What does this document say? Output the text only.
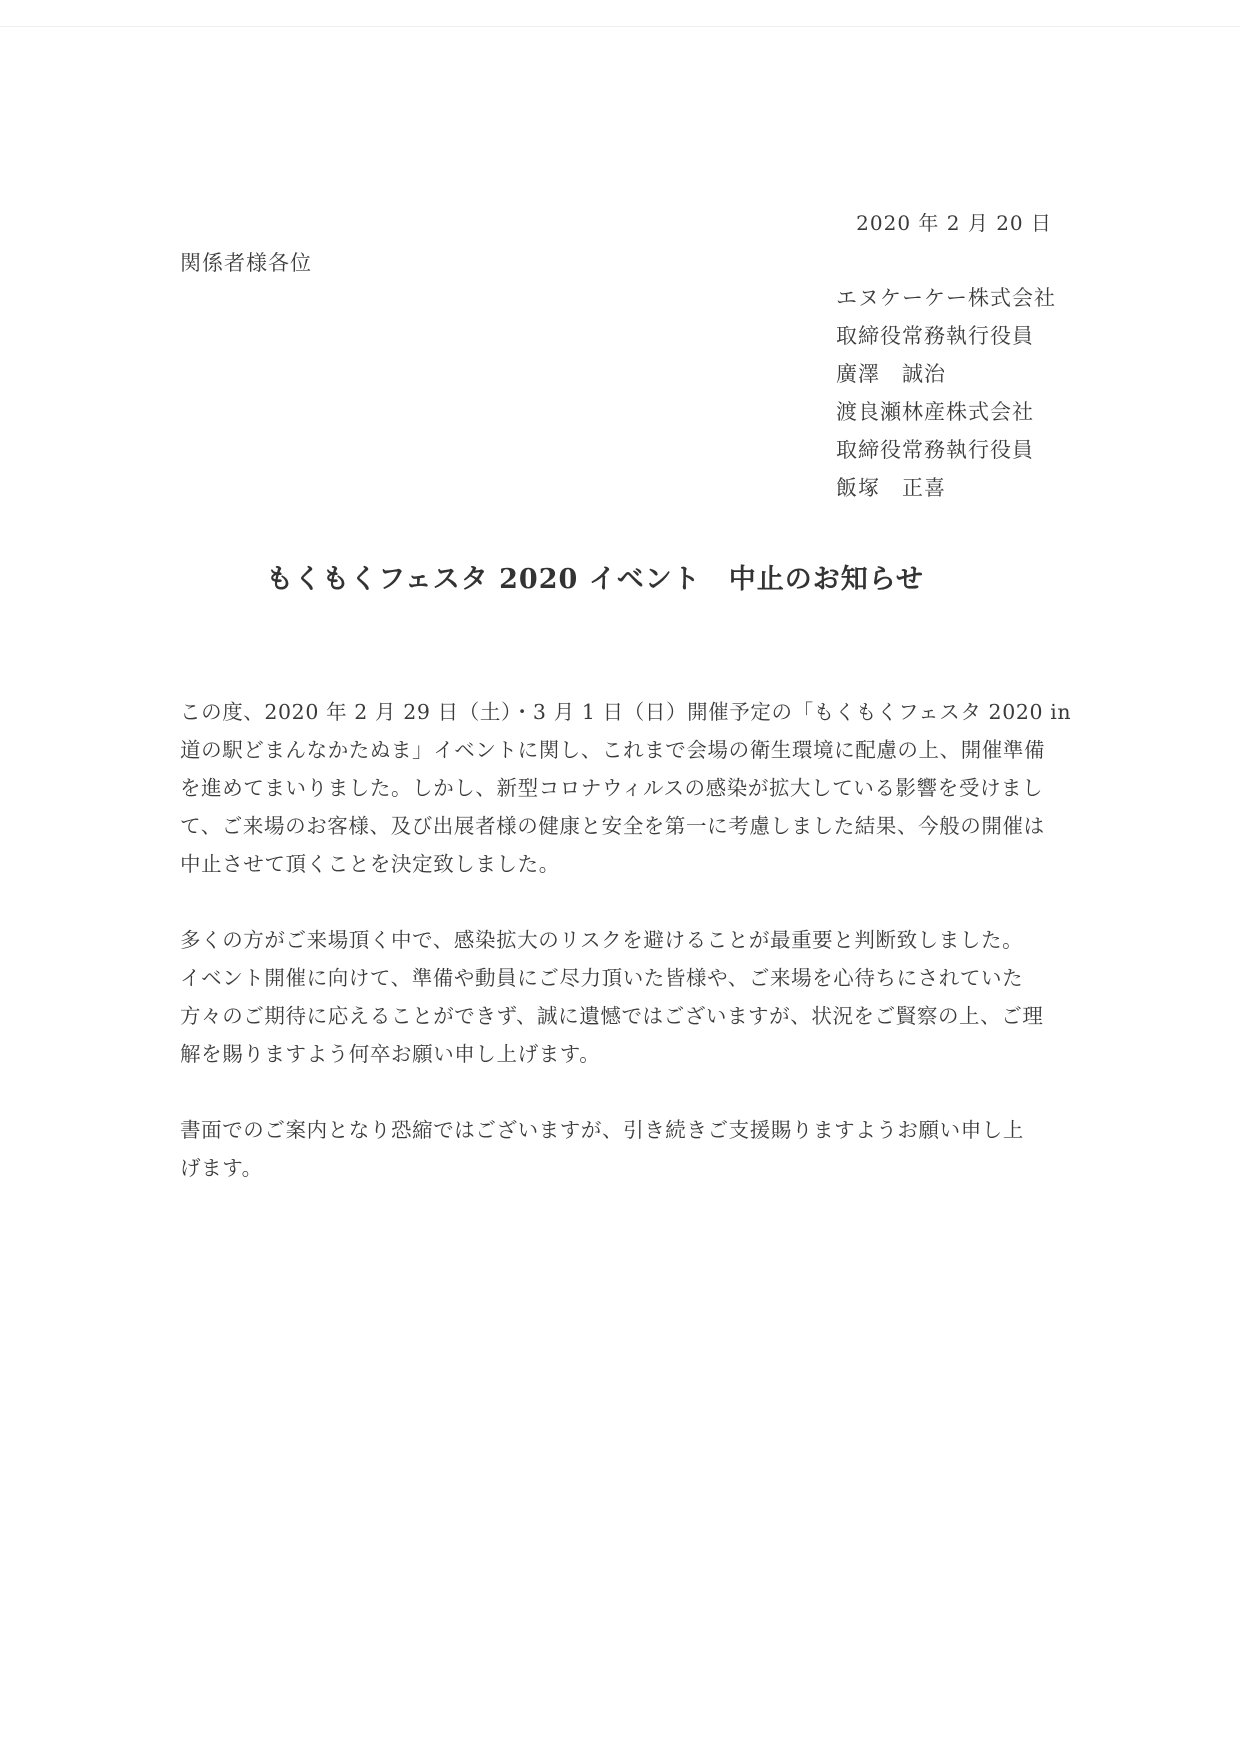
2020 年 2 月 20 日
関係者様各位
エヌケーケー株式会社
取締役常務執行役員
廣澤　誠治
渡良瀬林産株式会社
取締役常務執行役員
飯塚　正喜
もくもくフェスタ 2020 イベント　中止のお知らせ
この度、2020 年 2 月 29 日（土）・3 月 1 日（日）開催予定の「もくもくフェスタ 2020 in
道の駅どまんなかたぬま」イベントに関し、これまで会場の衛生環境に配慮の上、開催準備
を進めてまいりました。しかし、新型コロナウィルスの感染が拡大している影響を受けまし
て、ご来場のお客様、及び出展者様の健康と安全を第一に考慮しました結果、今般の開催は
中止させて頂くことを決定致しました。
多くの方がご来場頂く中で、感染拡大のリスクを避けることが最重要と判断致しました。
イベント開催に向けて、準備や動員にご尽力頂いた皆様や、ご来場を心待ちにされていた
方々のご期待に応えることができず、誠に遺憾ではございますが、状況をご賢察の上、ご理
解を賜りますよう何卒お願い申し上げます。
書面でのご案内となり恐縮ではございますが、引き続きご支援賜りますようお願い申し上
げます。
